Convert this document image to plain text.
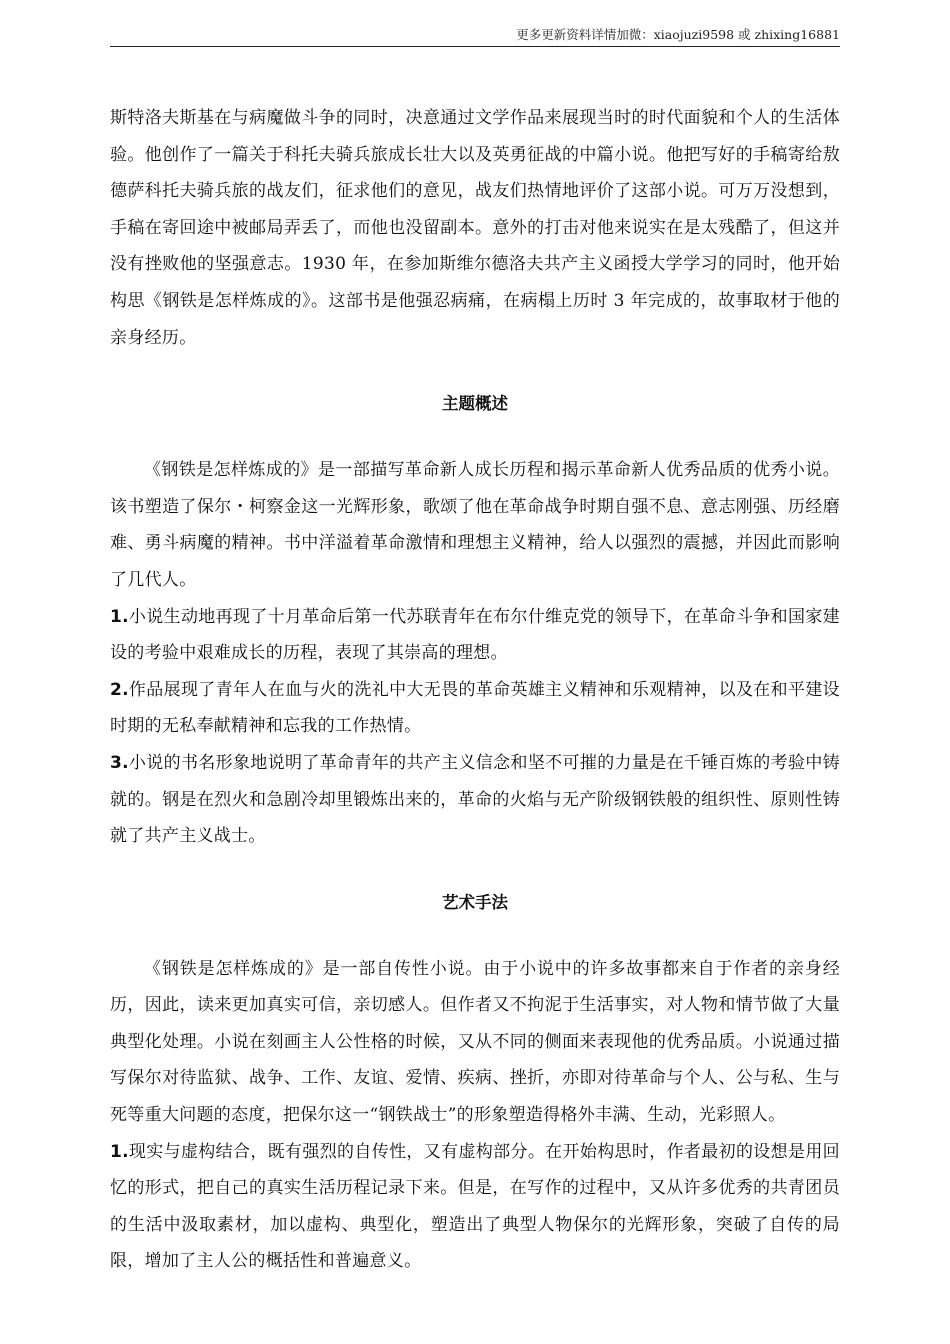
更多更新资料详情加微：xiaojuzi9598 或 zhixing16881

斯特洛夫斯基在与病魔做斗争的同时，决意通过文学作品来展现当时的时代面貌和个人的生活体验。他创作了一篇关于科托夫骑兵旅成长壮大以及英勇征战的中篇小说。他把写好的手稿寄给敖德萨科托夫骑兵旅的战友们，征求他们的意见，战友们热情地评价了这部小说。可万万没想到，手稿在寄回途中被邮局弄丢了，而他也没留副本。意外的打击对他来说实在是太残酷了，但这并没有挫败他的坚强意志。1930 年，在参加斯维尔德洛夫共产主义函授大学学习的同时，他开始构思《钢铁是怎样炼成的》。这部书是他强忍病痛，在病榻上历时 3 年完成的，故事取材于他的亲身经历。

主题概述

《钢铁是怎样炼成的》是一部描写革命新人成长历程和揭示革命新人优秀品质的优秀小说。该书塑造了保尔・柯察金这一光辉形象，歌颂了他在革命战争时期自强不息、意志刚强、历经磨难、勇斗病魔的精神。书中洋溢着革命激情和理想主义精神，给人以强烈的震撼，并因此而影响了几代人。

1.小说生动地再现了十月革命后第一代苏联青年在布尔什维克党的领导下，在革命斗争和国家建设的考验中艰难成长的历程，表现了其崇高的理想。

2.作品展现了青年人在血与火的洗礼中大无畏的革命英雄主义精神和乐观精神，以及在和平建设时期的无私奉献精神和忘我的工作热情。

3.小说的书名形象地说明了革命青年的共产主义信念和坚不可摧的力量是在千锤百炼的考验中铸就的。钢是在烈火和急剧冷却里锻炼出来的，革命的火焰与无产阶级钢铁般的组织性、原则性铸就了共产主义战士。

艺术手法

《钢铁是怎样炼成的》是一部自传性小说。由于小说中的许多故事都来自于作者的亲身经历，因此，读来更加真实可信，亲切感人。但作者又不拘泥于生活事实，对人物和情节做了大量典型化处理。小说在刻画主人公性格的时候，又从不同的侧面来表现他的优秀品质。小说通过描写保尔对待监狱、战争、工作、友谊、爱情、疾病、挫折，亦即对待革命与个人、公与私、生与死等重大问题的态度，把保尔这一“钢铁战士”的形象塑造得格外丰满、生动，光彩照人。

1.现实与虚构结合，既有强烈的自传性，又有虚构部分。在开始构思时，作者最初的设想是用回忆的形式，把自己的真实生活历程记录下来。但是，在写作的过程中，又从许多优秀的共青团员的生活中汲取素材，加以虚构、典型化，塑造出了典型人物保尔的光辉形象，突破了自传的局限，增加了主人公的概括性和普遍意义。
